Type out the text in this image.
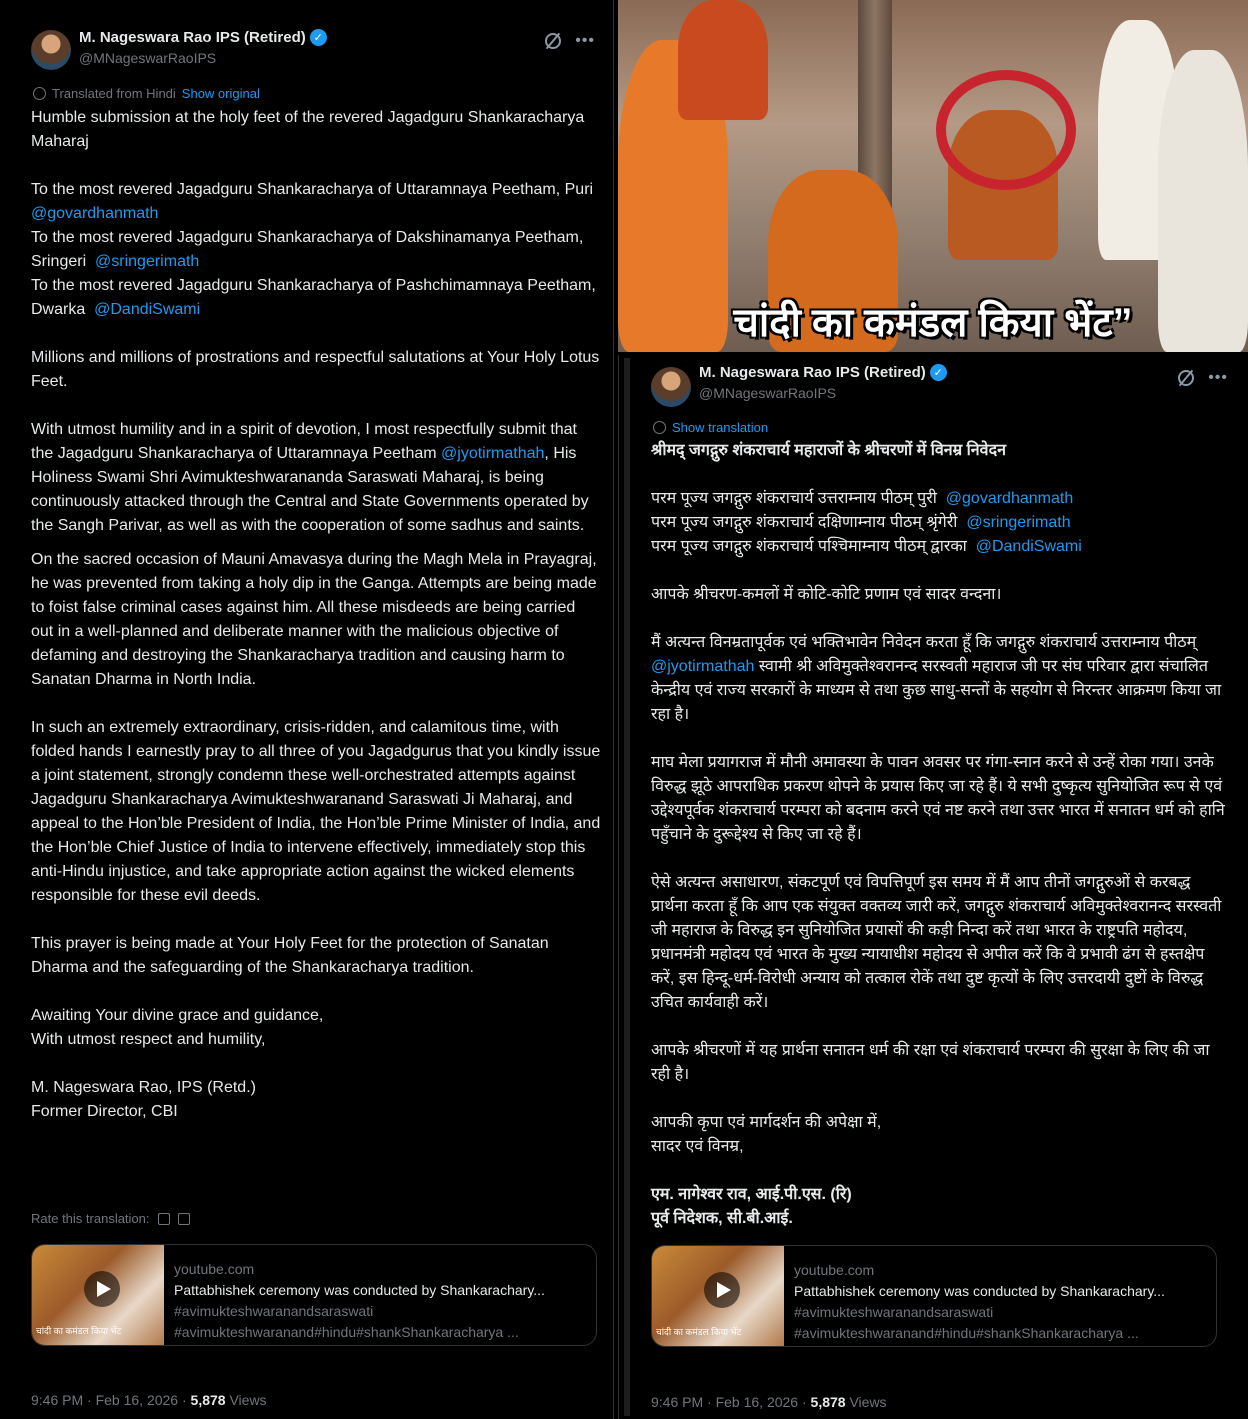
M. Nageswara Rao IPS (Retired) ✓
@MNageswarRaoIPS
•••
Translated from Hindi Show original

Humble submission at the holy feet of the revered Jagadguru Shankaracharya Maharaj

To the most revered Jagadguru Shankaracharya of Uttaramnaya Peetham, Puri  @govardhanmath
To the most revered Jagadguru Shankaracharya of Dakshinamanya Peetham, Sringeri @sringerimath
To the most revered Jagadguru Shankaracharya of Pashchimamnaya Peetham, Dwarka @DandiSwami

Millions and millions of prostrations and respectful salutations at Your Holy Lotus Feet.

With utmost humility and in a spirit of devotion, I most respectfully submit that the Jagadguru Shankaracharya of Uttaramnaya Peetham @jyotirmathah, His Holiness Swami Shri Avimukteshwarananda Saraswati Maharaj, is being continuously attacked through the Central and State Governments operated by the Sangh Parivar, as well as with the cooperation of some sadhus and saints.

On the sacred occasion of Mauni Amavasya during the Magh Mela in Prayagraj, he was prevented from taking a holy dip in the Ganga. Attempts are being made to foist false criminal cases against him. All these misdeeds are being carried out in a well-planned and deliberate manner with the malicious objective of defaming and destroying the Shankaracharya tradition and causing harm to Sanatan Dharma in North India.

In such an extremely extraordinary, crisis-ridden, and calamitous time, with folded hands I earnestly pray to all three of you Jagadgurus that you kindly issue a joint statement, strongly condemn these well-orchestrated attempts against Jagadguru Shankaracharya Avimukteshwaranand Saraswati Ji Maharaj, and appeal to the Hon’ble President of India, the Hon’ble Prime Minister of India, and the Hon’ble Chief Justice of India to intervene effectively, immediately stop this anti-Hindu injustice, and take appropriate action against the wicked elements responsible for these evil deeds.

This prayer is being made at Your Holy Feet for the protection of Sanatan Dharma and the safeguarding of the Shankaracharya tradition.

Awaiting Your divine grace and guidance,
With utmost respect and humility,

M. Nageswara Rao, IPS (Retd.)
Former Director, CBI

Rate this translation:
चांदी का कमंडल किया भेंट
youtube.com
Pattabhishek ceremony was conducted by Shankarachary...
#avimukteshwaranandsaraswati
#avimukteshwaranand#hindu#shankShankaracharya ...
9:46 PM · Feb 16, 2026 · 5,878 Views
चांदी का कमंडल किया भेंट”
M. Nageswara Rao IPS (Retired) ✓
@MNageswarRaoIPS
•••
Show translation

श्रीमद् जगद्गुरु शंकराचार्य महाराजों के श्रीचरणों में विनम्र निवेदन

परम पूज्य जगद्गुरु शंकराचार्य उत्तराम्नाय पीठम् पुरी @govardhanmath
परम पूज्य जगद्गुरु शंकराचार्य दक्षिणाम्नाय पीठम् श्रृंगेरी @sringerimath
परम पूज्य जगद्गुरु शंकराचार्य पश्चिमाम्नाय पीठम् द्वारका @DandiSwami

आपके श्रीचरण-कमलों में कोटि-कोटि प्रणाम एवं सादर वन्दना।

मैं अत्यन्त विनम्रतापूर्वक एवं भक्तिभावेन निवेदन करता हूँ कि जगद्गुरु शंकराचार्य उत्तराम्नाय पीठम् @jyotirmathah स्वामी श्री अविमुक्तेश्वरानन्द सरस्वती महाराज जी पर संघ परिवार द्वारा संचालित केन्द्रीय एवं राज्य सरकारों के माध्यम से तथा कुछ साधु-सन्तों के सहयोग से निरन्तर आक्रमण किया जा रहा है।

माघ मेला प्रयागराज में मौनी अमावस्या के पावन अवसर पर गंगा-स्नान करने से उन्हें रोका गया। उनके विरुद्ध झूठे आपराधिक प्रकरण थोपने के प्रयास किए जा रहे हैं। ये सभी दुष्कृत्य सुनियोजित रूप से एवं उद्देश्यपूर्वक शंकराचार्य परम्परा को बदनाम करने एवं नष्ट करने तथा उत्तर भारत में सनातन धर्म को हानि पहुँचाने के दुरूद्देश्य से किए जा रहे हैं।

ऐसे अत्यन्त असाधारण, संकटपूर्ण एवं विपत्तिपूर्ण इस समय में मैं आप तीनों जगद्गुरुओं से करबद्ध प्रार्थना करता हूँ कि आप एक संयुक्त वक्तव्य जारी करें, जगद्गुरु शंकराचार्य अविमुक्तेश्वरानन्द सरस्वती जी महाराज के विरुद्ध इन सुनियोजित प्रयासों की कड़ी निन्दा करें तथा भारत के राष्ट्रपति महोदय, प्रधानमंत्री महोदय एवं भारत के मुख्य न्यायाधीश महोदय से अपील करें कि वे प्रभावी ढंग से हस्तक्षेप करें, इस हिन्दू-धर्म-विरोधी अन्याय को तत्काल रोकें तथा दुष्ट कृत्यों के लिए उत्तरदायी दुष्टों के विरुद्ध उचित कार्यवाही करें।

आपके श्रीचरणों में यह प्रार्थना सनातन धर्म की रक्षा एवं शंकराचार्य परम्परा की सुरक्षा के लिए की जा रही है।

आपकी कृपा एवं मार्गदर्शन की अपेक्षा में,
सादर एवं विनम्र,

एम. नागेश्वर राव, आई.पी.एस. (रि)
पूर्व निदेशक, सी.बी.आई.

चांदी का कमंडल किया भेंट
youtube.com
Pattabhishek ceremony was conducted by Shankarachary...
#avimukteshwaranandsaraswati
#avimukteshwaranand#hindu#shankShankaracharya ...
9:46 PM · Feb 16, 2026 · 5,878 Views
